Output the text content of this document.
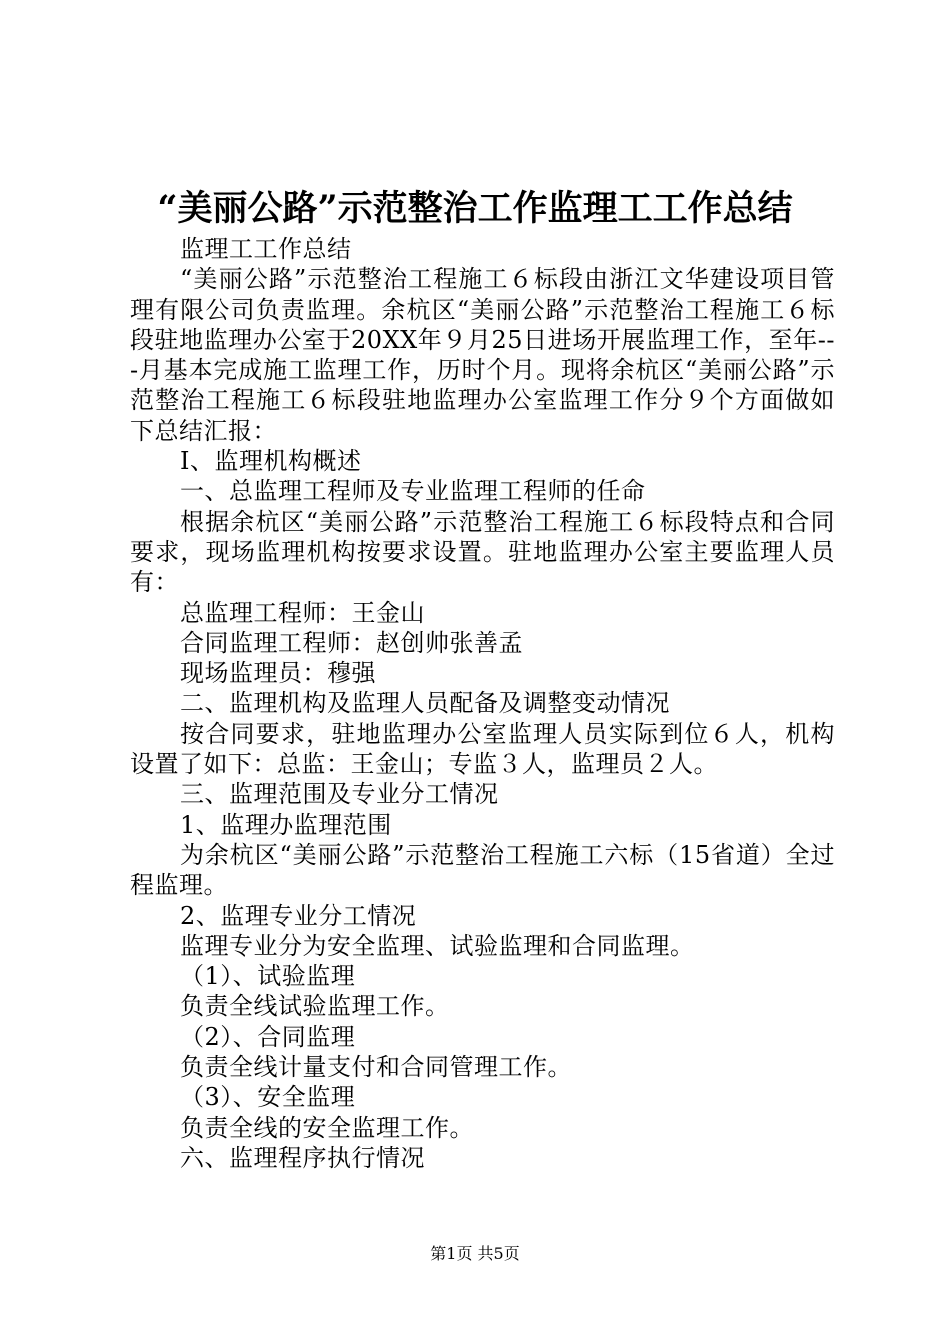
“美丽公路”示范整治工作监理工工作总结

监理工工作总结

“美丽公路”示范整治工程施工６标段由浙江文华建设项目管理有限公司负责监理。余杭区“美丽公路”示范整治工程施工６标段驻地监理办公室于20XX年９月25日进场开展监理工作，至年---月基本完成施工监理工作，历时个月。现将余杭区“美丽公路”示范整治工程施工６标段驻地监理办公室监理工作分９个方面做如下总结汇报：

Ⅰ、监理机构概述

一、总监理工程师及专业监理工程师的任命

根据余杭区“美丽公路”示范整治工程施工６标段特点和合同要求，现场监理机构按要求设置。驻地监理办公室主要监理人员有：

总监理工程师：王金山

合同监理工程师：赵创帅张善孟

现场监理员：穆强

二、监理机构及监理人员配备及调整变动情况

按合同要求，驻地监理办公室监理人员实际到位６人，机构设置了如下：总监：王金山；专监３人，监理员２人。

三、监理范围及专业分工情况

1、监理办监理范围

为余杭区“美丽公路”示范整治工程施工六标（15省道）全过程监理。

2、监理专业分工情况

监理专业分为安全监理、试验监理和合同监理。

（1）、试验监理

负责全线试验监理工作。

（2）、合同监理

负责全线计量支付和合同管理工作。

（3）、安全监理

负责全线的安全监理工作。

六、监理程序执行情况

第1页 共5页
